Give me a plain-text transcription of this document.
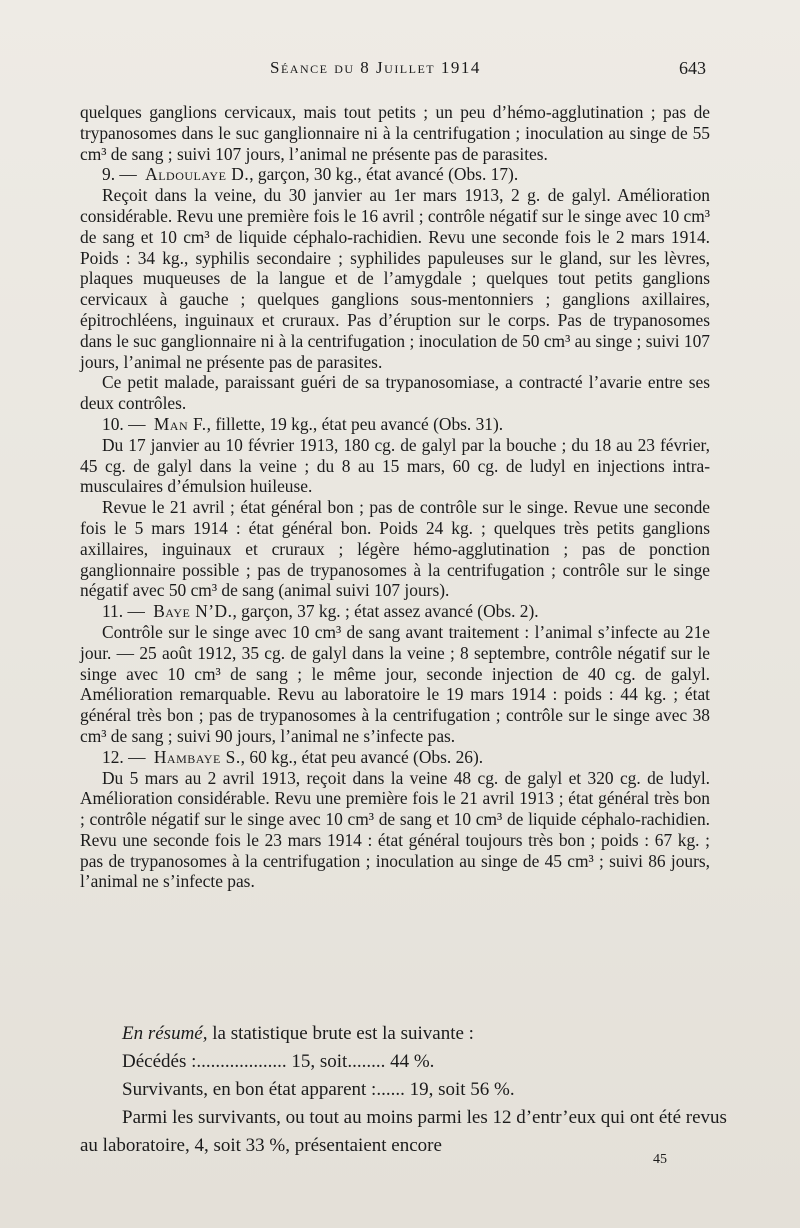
Séance du 8 Juillet 1914	643

quelques ganglions cervicaux, mais tout petits ; un peu d’hémo-agglutination ; pas de trypanosomes dans le suc ganglionnaire ni à la centrifugation ; inoculation au singe de 55 cm³ de sang ; suivi 107 jours, l’animal ne présente pas de parasites.

9. — Aldoulaye D., garçon, 30 kg., état avancé (Obs. 17).

Reçoit dans la veine, du 30 janvier au 1er mars 1913, 2 g. de galyl. Amélioration considérable. Revu une première fois le 16 avril ; contrôle négatif sur le singe avec 10 cm³ de sang et 10 cm³ de liquide céphalo-rachidien. Revu une seconde fois le 2 mars 1914. Poids : 34 kg., syphilis secondaire ; syphilides papuleuses sur le gland, sur les lèvres, plaques muqueuses de la langue et de l’amygdale ; quelques tout petits ganglions cervicaux à gauche ; quelques ganglions sous-mentonniers ; ganglions axillaires, épitrochléens, inguinaux et cruraux. Pas d’éruption sur le corps. Pas de trypanosomes dans le suc ganglionnaire ni à la centrifugation ; inoculation de 50 cm³ au singe ; suivi 107 jours, l’animal ne présente pas de parasites.

Ce petit malade, paraissant guéri de sa trypanosomiase, a contracté l’avarie entre ses deux contrôles.

10. — Man F., fillette, 19 kg., état peu avancé (Obs. 31).

Du 17 janvier au 10 février 1913, 180 cg. de galyl par la bouche ; du 18 au 23 février, 45 cg. de galyl dans la veine ; du 8 au 15 mars, 60 cg. de ludyl en injections intra-musculaires d’émulsion huileuse.

Revue le 21 avril ; état général bon ; pas de contrôle sur le singe. Revue une seconde fois le 5 mars 1914 : état général bon. Poids 24 kg. ; quelques très petits ganglions axillaires, inguinaux et cruraux ; légère hémo-agglutination ; pas de ponction ganglionnaire possible ; pas de trypanosomes à la centrifugation ; contrôle sur le singe négatif avec 50 cm³ de sang (animal suivi 107 jours).

11. — Baye N’D., garçon, 37 kg. ; état assez avancé (Obs. 2).

Contrôle sur le singe avec 10 cm³ de sang avant traitement : l’animal s’infecte au 21e jour. — 25 août 1912, 35 cg. de galyl dans la veine ; 8 septembre, contrôle négatif sur le singe avec 10 cm³ de sang ; le même jour, seconde injection de 40 cg. de galyl. Amélioration remarquable. Revu au laboratoire le 19 mars 1914 : poids : 44 kg. ; état général très bon ; pas de trypanosomes à la centrifugation ; contrôle sur le singe avec 38 cm³ de sang ; suivi 90 jours, l’animal ne s’infecte pas.

12. — Hambaye S., 60 kg., état peu avancé (Obs. 26).

Du 5 mars au 2 avril 1913, reçoit dans la veine 48 cg. de galyl et 320 cg. de ludyl. Amélioration considérable. Revu une première fois le 21 avril 1913 ; état général très bon ; contrôle négatif sur le singe avec 10 cm³ de sang et 10 cm³ de liquide céphalo-rachidien. Revu une seconde fois le 23 mars 1914 : état général toujours très bon ; poids : 67 kg. ; pas de trypanosomes à la centrifugation ; inoculation au singe de 45 cm³ ; suivi 86 jours, l’animal ne s’infecte pas.

En résumé, la statistique brute est la suivante :

Décédés :................... 15, soit........ 44 %.

Survivants, en bon état apparent :...... 19, soit 56 %.

Parmi les survivants, ou tout au moins parmi les 12 d’entr’eux qui ont été revus au laboratoire, 4, soit 33 %, présentaient encore

45
